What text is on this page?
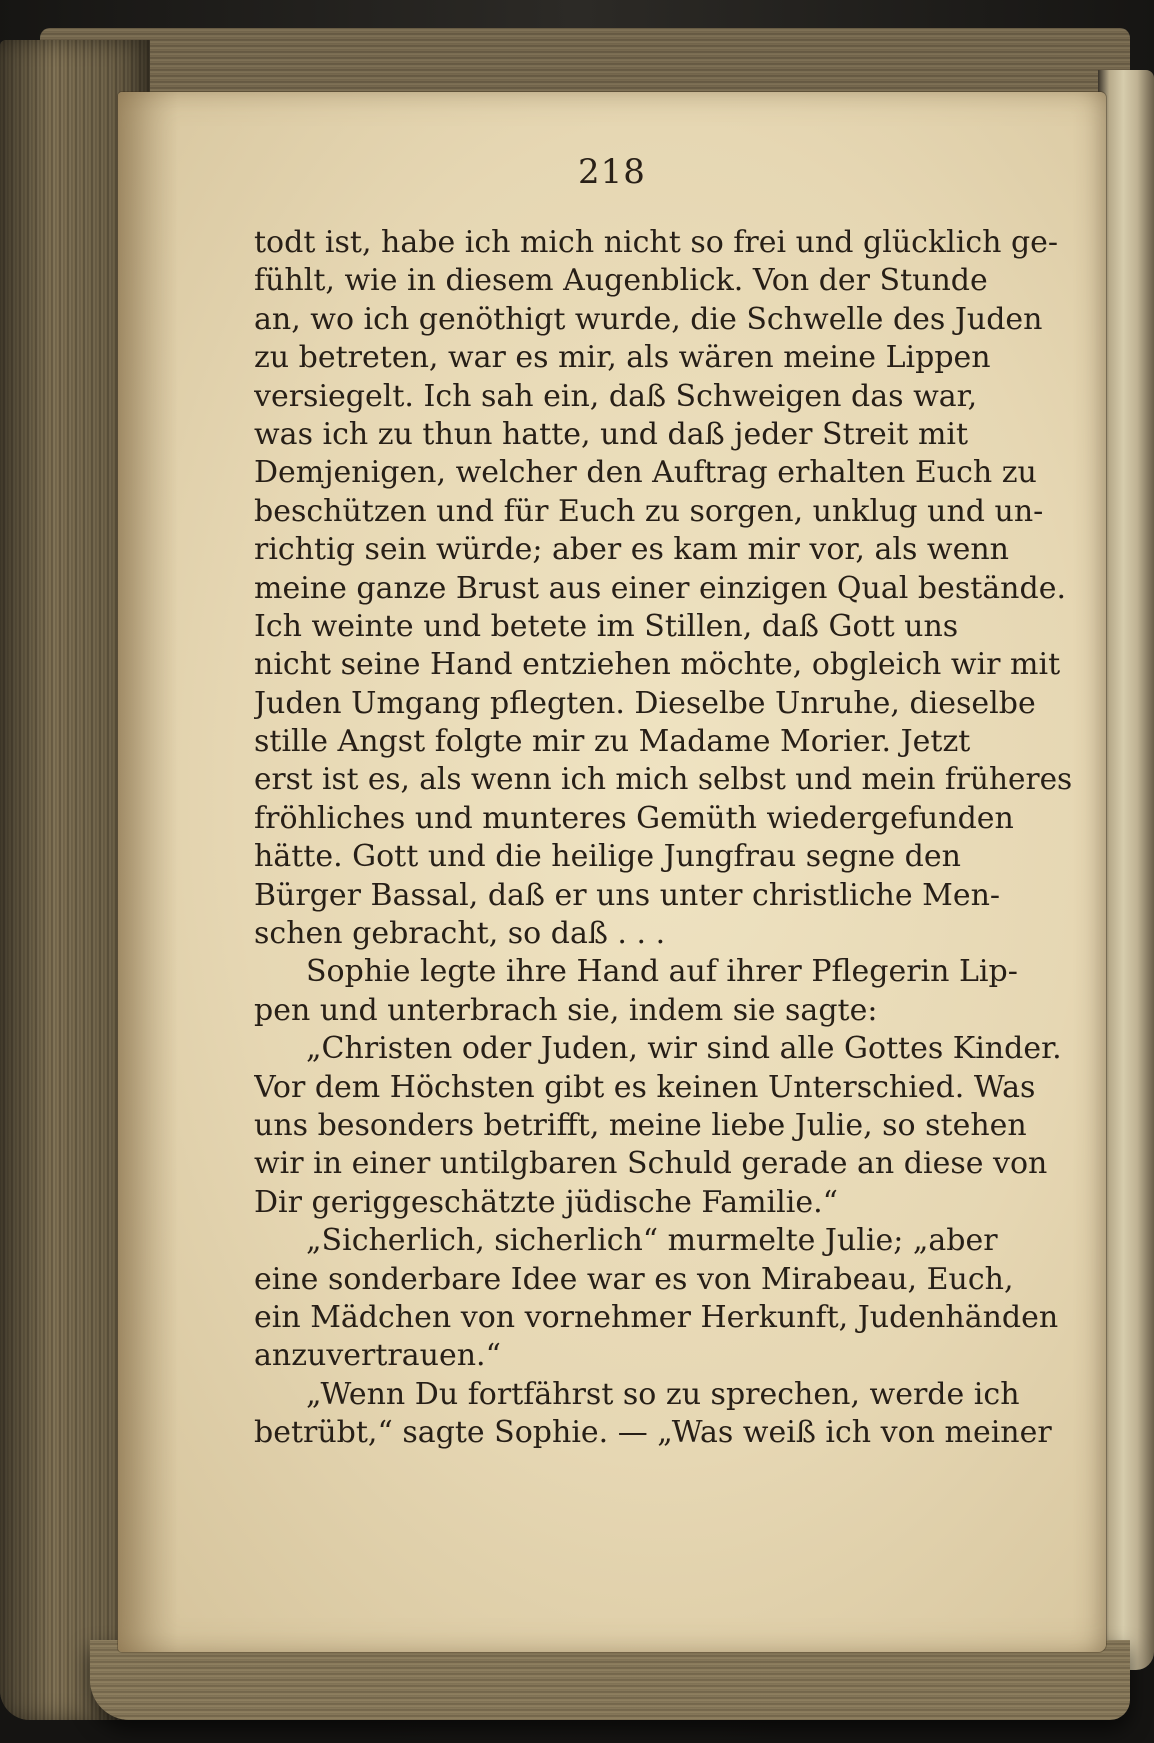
218
todt ist, habe ich mich nicht so frei und glücklich ge-
fühlt, wie in diesem Augenblick. Von der Stunde
an, wo ich genöthigt wurde, die Schwelle des Juden
zu betreten, war es mir, als wären meine Lippen
versiegelt. Ich sah ein, daß Schweigen das war,
was ich zu thun hatte, und daß jeder Streit mit
Demjenigen, welcher den Auftrag erhalten Euch zu
beschützen und für Euch zu sorgen, unklug und un-
richtig sein würde; aber es kam mir vor, als wenn
meine ganze Brust aus einer einzigen Qual bestände.
Ich weinte und betete im Stillen, daß Gott uns
nicht seine Hand entziehen möchte, obgleich wir mit
Juden Umgang pflegten. Dieselbe Unruhe, dieselbe
stille Angst folgte mir zu Madame Morier. Jetzt
erst ist es, als wenn ich mich selbst und mein früheres
fröhliches und munteres Gemüth wiedergefunden
hätte. Gott und die heilige Jungfrau segne den
Bürger Bassal, daß er uns unter christliche Men-
schen gebracht, so daß . . .
Sophie legte ihre Hand auf ihrer Pflegerin Lip-
pen und unterbrach sie, indem sie sagte:
„Christen oder Juden, wir sind alle Gottes Kinder.
Vor dem Höchsten gibt es keinen Unterschied. Was
uns besonders betrifft, meine liebe Julie, so stehen
wir in einer untilgbaren Schuld gerade an diese von
Dir geriggeschätzte jüdische Familie.“
„Sicherlich, sicherlich“ murmelte Julie; „aber
eine sonderbare Idee war es von Mirabeau, Euch,
ein Mädchen von vornehmer Herkunft, Judenhänden
anzuvertrauen.“
„Wenn Du fortfährst so zu sprechen, werde ich
betrübt,“ sagte Sophie. — „Was weiß ich von meiner
